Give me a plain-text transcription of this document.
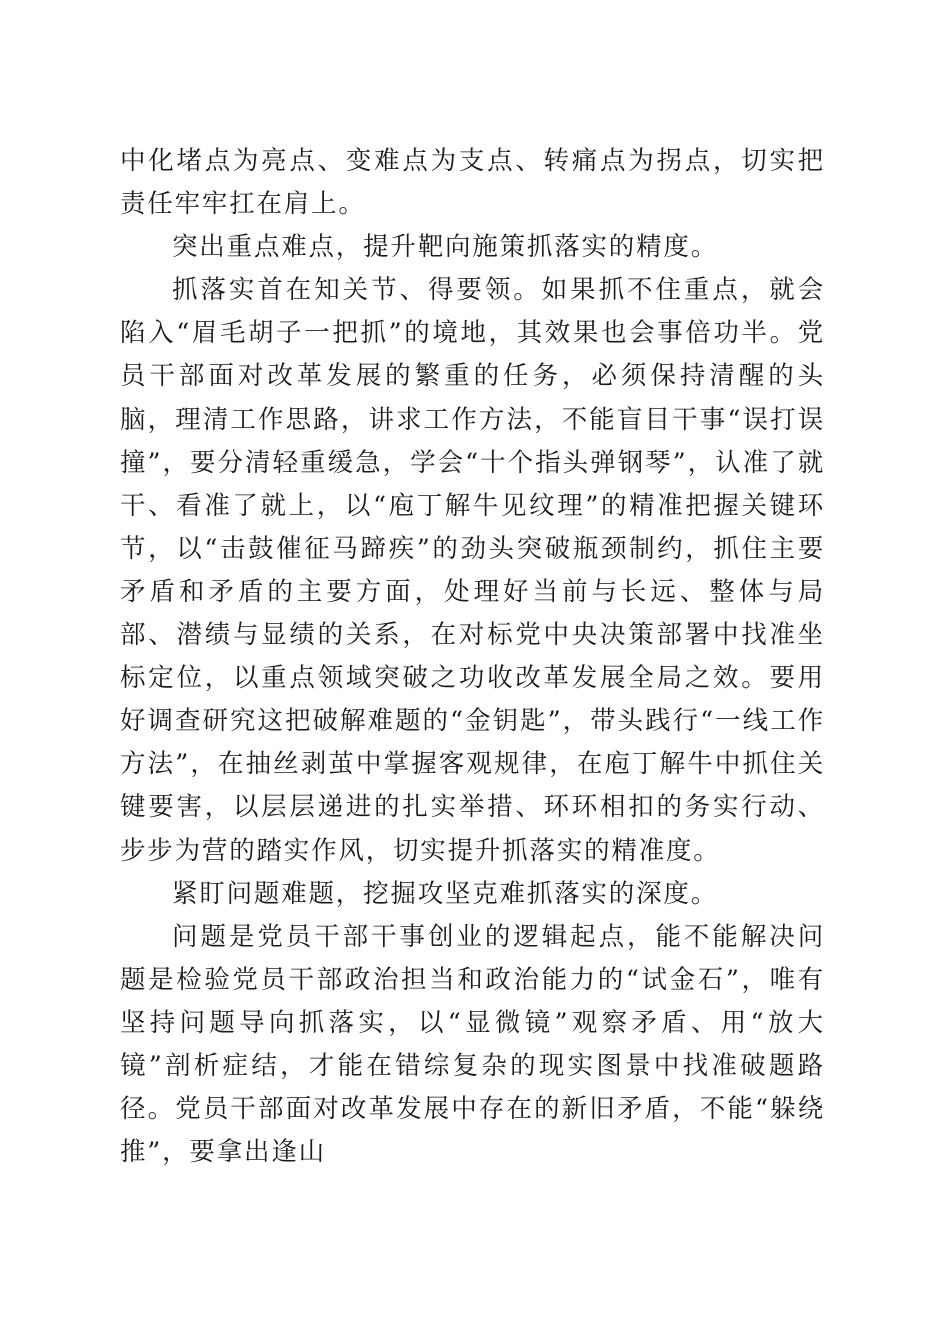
中化堵点为亮点、变难点为支点、转痛点为拐点，切实把责任牢牢扛在肩上。

突出重点难点，提升靶向施策抓落实的精度。

抓落实首在知关节、得要领。如果抓不住重点，就会陷入“眉毛胡子一把抓”的境地，其效果也会事倍功半。党员干部面对改革发展的繁重的任务，必须保持清醒的头脑，理清工作思路，讲求工作方法，不能盲目干事“误打误撞”，要分清轻重缓急，学会“十个指头弹钢琴”，认准了就干、看准了就上，以“庖丁解牛见纹理”的精准把握关键环节，以“击鼓催征马蹄疾”的劲头突破瓶颈制约，抓住主要矛盾和矛盾的主要方面，处理好当前与长远、整体与局部、潜绩与显绩的关系，在对标党中央决策部署中找准坐标定位，以重点领域突破之功收改革发展全局之效。要用好调查研究这把破解难题的“金钥匙”，带头践行“一线工作方法”，在抽丝剥茧中掌握客观规律，在庖丁解牛中抓住关键要害，以层层递进的扎实举措、环环相扣的务实行动、步步为营的踏实作风，切实提升抓落实的精准度。

紧盯问题难题，挖掘攻坚克难抓落实的深度。

问题是党员干部干事创业的逻辑起点，能不能解决问题是检验党员干部政治担当和政治能力的“试金石”，唯有坚持问题导向抓落实，以“显微镜”观察矛盾、用“放大镜”剖析症结，才能在错综复杂的现实图景中找准破题路径。党员干部面对改革发展中存在的新旧矛盾，不能“躲绕推”，要拿出逢山
